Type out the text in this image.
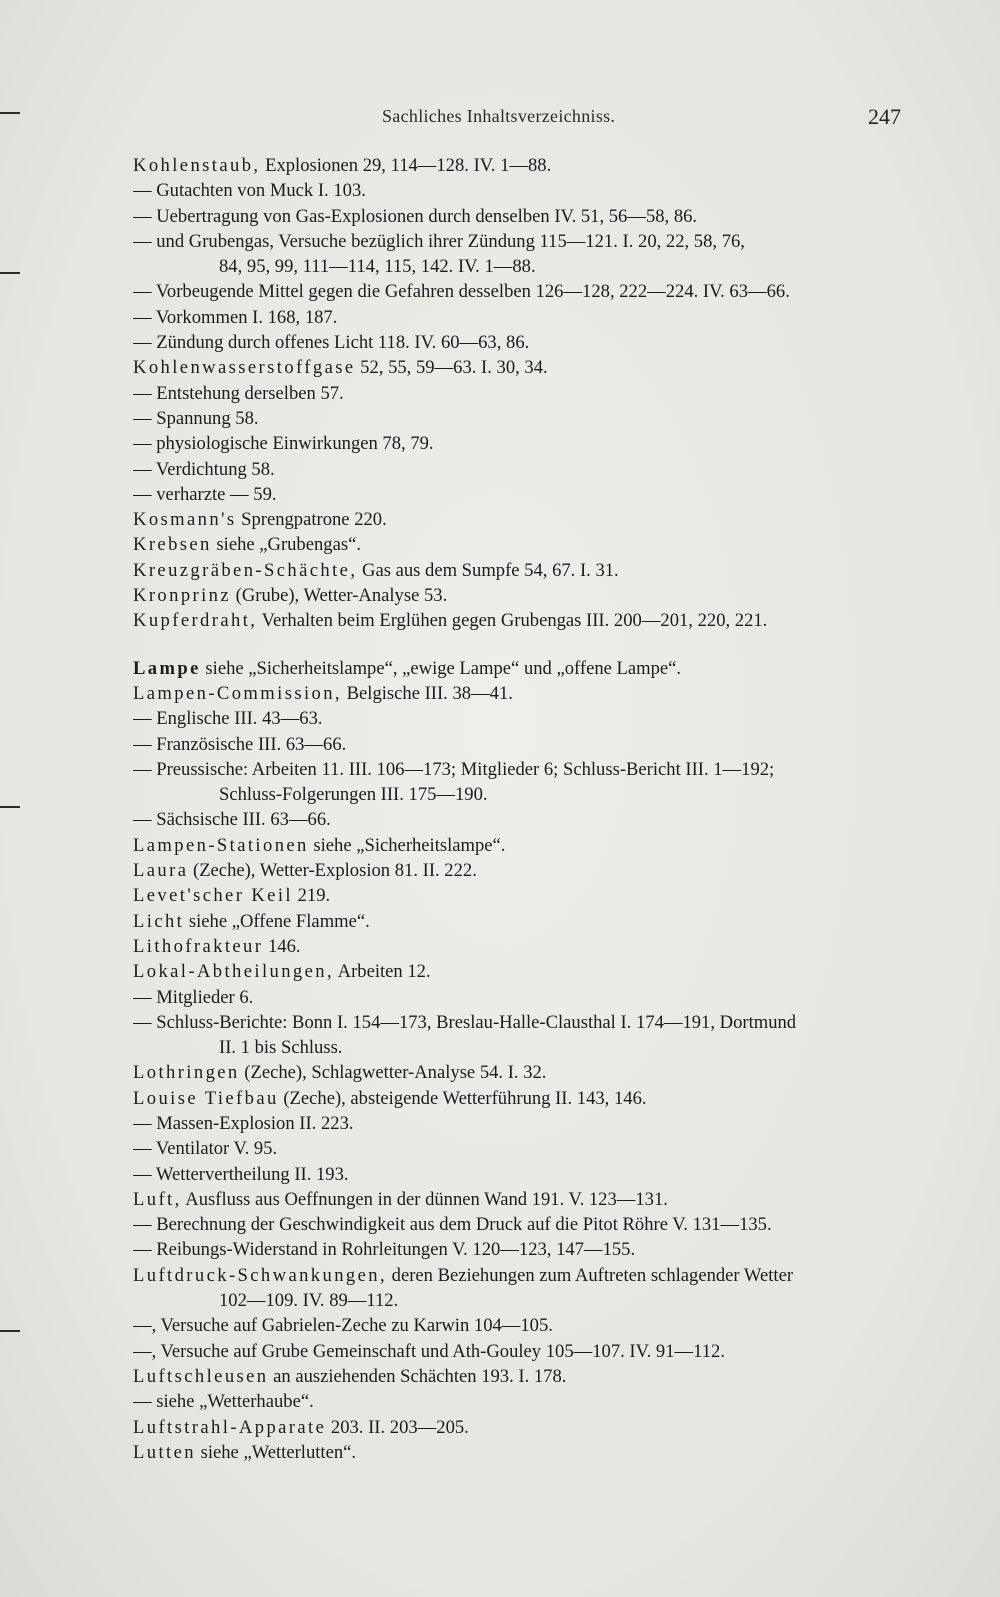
Sachliches Inhaltsverzeichniss.	247
Kohlenstaub, Explosionen 29, 114—128. IV. 1—88.
— Gutachten von Muck I. 103.
— Uebertragung von Gas-Explosionen durch denselben IV. 51, 56—58, 86.
— und Grubengas, Versuche bezüglich ihrer Zündung 115—121. I. 20, 22, 58, 76,
84, 95, 99, 111—114, 115, 142. IV. 1—88.
— Vorbeugende Mittel gegen die Gefahren desselben 126—128, 222—224. IV. 63—66.
— Vorkommen I. 168, 187.
— Zündung durch offenes Licht 118. IV. 60—63, 86.
Kohlenwasserstoffgase 52, 55, 59—63. I. 30, 34.
— Entstehung derselben 57.
— Spannung 58.
— physiologische Einwirkungen 78, 79.
— Verdichtung 58.
— verharzte — 59.
Kosmann's Sprengpatrone 220.
Krebsen siehe „Grubengas“.
Kreuzgräben-Schächte, Gas aus dem Sumpfe 54, 67. I. 31.
Kronprinz (Grube), Wetter-Analyse 53.
Kupferdraht, Verhalten beim Erglühen gegen Grubengas III. 200—201, 220, 221.
Lampe siehe „Sicherheitslampe“, „ewige Lampe“ und „offene Lampe“.
Lampen-Commission, Belgische III. 38—41.
— Englische III. 43—63.
— Französische III. 63—66.
— Preussische: Arbeiten 11. III. 106—173; Mitglieder 6; Schluss-Bericht III. 1—192;
Schluss-Folgerungen III. 175—190.
— Sächsische III. 63—66.
Lampen-Stationen siehe „Sicherheitslampe“.
Laura (Zeche), Wetter-Explosion 81. II. 222.
Levet'scher Keil 219.
Licht siehe „Offene Flamme“.
Lithofrakteur 146.
Lokal-Abtheilungen, Arbeiten 12.
— Mitglieder 6.
— Schluss-Berichte: Bonn I. 154—173, Breslau-Halle-Clausthal I. 174—191, Dortmund
II. 1 bis Schluss.
Lothringen (Zeche), Schlagwetter-Analyse 54. I. 32.
Louise Tiefbau (Zeche), absteigende Wetterführung II. 143, 146.
— Massen-Explosion II. 223.
— Ventilator V. 95.
— Wettervertheilung II. 193.
Luft, Ausfluss aus Oeffnungen in der dünnen Wand 191. V. 123—131.
— Berechnung der Geschwindigkeit aus dem Druck auf die Pitot Röhre V. 131—135.
— Reibungs-Widerstand in Rohrleitungen V. 120—123, 147—155.
Luftdruck-Schwankungen, deren Beziehungen zum Auftreten schlagender Wetter
102—109. IV. 89—112.
—, Versuche auf Gabrielen-Zeche zu Karwin 104—105.
—, Versuche auf Grube Gemeinschaft und Ath-Gouley 105—107. IV. 91—112.
Luftschleusen an ausziehenden Schächten 193. I. 178.
— siehe „Wetterhaube“.
Luftstrahl-Apparate 203. II. 203—205.
Lutten siehe „Wetterlutten“.
